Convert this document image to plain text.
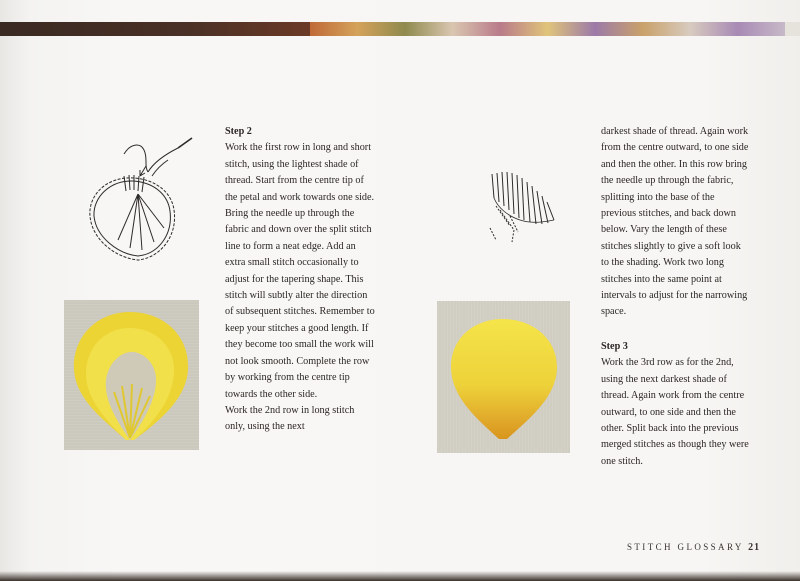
Step 2

Work the first row in long and short stitch, using the lightest shade of thread. Start from the centre tip of the petal and work towards one side. Bring the needle up through the fabric and down over the split stitch line to form a neat edge. Add an extra small stitch occasionally to adjust for the tapering shape. This stitch will subtly alter the direction of subsequent stitches. Remember to keep your stitches a good length. If they become too small the work will not look smooth. Complete the row by working from the centre tip towards the other side.

Work the 2nd row in long stitch only, using the next

darkest shade of thread. Again work from the centre outward, to one side and then the other. In this row bring the needle up through the fabric, splitting into the base of the previous stitches, and back down below. Vary the length of these stitches slightly to give a soft look to the shading. Work two long stitches into the same point at intervals to adjust for the narrowing space.

Step 3

Work the 3rd row as for the 2nd, using the next darkest shade of thread. Again work from the centre outward, to one side and then the other. Split back into the previous merged stitches as though they were one stitch.

STITCH GLOSSARY 21
